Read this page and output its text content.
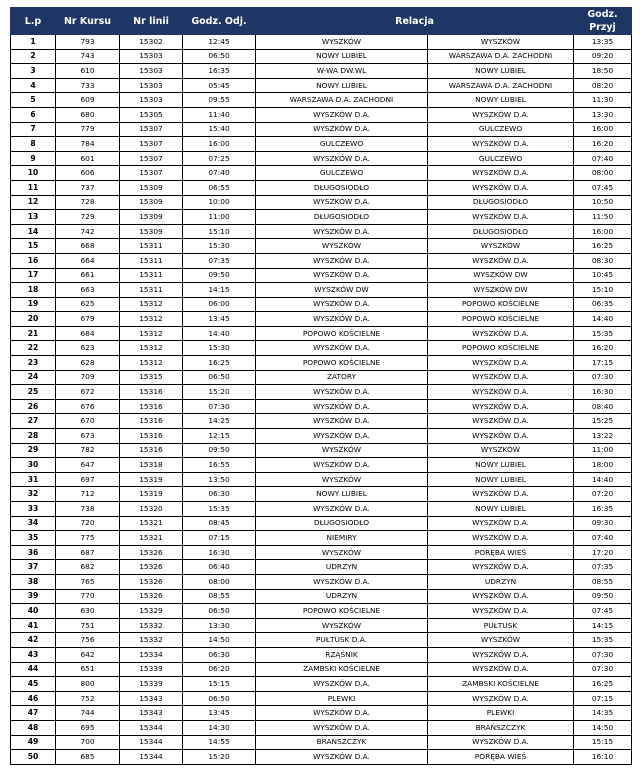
L.p	Nr Kursu	Nr linii	Godz. Odj.	Relacja		Godz. Przyj
1	793	15302	12:45	WYSZKÓW	WYSZKÓW	13:35
2	743	15303	06:50	NOWY LUBIEL	WARSZAWA D.A. ZACHODNI	09:20
3	610	15303	16:35	W-WA DW.WL	NOWY LUBIEL	18:50
4	733	15303	05:45	NOWY LUBIEL	WARSZAWA D.A. ZACHODNI	08:20
5	609	15303	09:55	WARSZAWA D.A. ZACHODNI	NOWY LUBIEL	11:30
6	680	15305	11:40	WYSZKÓW D.A.	WYSZKÓW D.A.	13:30
7	779	15307	15:40	WYSZKÓW D.A.	GULCZEWO	16:00
8	784	15307	16:00	GULCZEWO	WYSZKÓW D.A.	16:20
9	601	15307	07:25	WYSZKÓW D.A.	GULCZEWO	07:40
10	606	15307	07:40	GULCZEWO	WYSZKÓW D.A.	08:00
11	737	15309	06:55	DŁUGOSIODŁO	WYSZKÓW D.A.	07:45
12	728	15309	10:00	WYSZKÓW D.A.	DŁUGOSIODŁO	10:50
13	729	15309	11:00	DŁUGOSIODŁO	WYSZKÓW D.A.	11:50
14	742	15309	15:10	WYSZKÓW D.A.	DŁUGOSIODŁO	16:00
15	668	15311	15:30	WYSZKÓW	WYSZKÓW	16:25
16	664	15311	07:35	WYSZKÓW D.A.	WYSZKÓW D.A.	08:30
17	661	15311	09:50	WYSZKÓW D.A.	WYSZKÓW DW	10:45
18	663	15311	14:15	WYSZKÓW DW	WYSZKÓW DW	15:10
19	625	15312	06:00	WYSZKÓW D.A.	POPOWO KOŚCIELNE	06:35
20	679	15312	13:45	WYSZKÓW D.A.	POPOWO KOŚCIELNE	14:40
21	684	15312	14:40	POPOWO KOŚCIELNE	WYSZKÓW D.A.	15:35
22	623	15312	15:30	WYSZKÓW D.A.	POPOWO KOŚCIELNE	16:20
23	628	15312	16:25	POPOWO KOŚCIELNE	WYSZKÓW D.A.	17:15
24	709	15315	06:50	ZATORY	WYSZKÓW D.A.	07:30
25	672	15316	15:20	WYSZKÓW D.A.	WYSZKÓW D.A.	16:30
26	676	15316	07:30	WYSZKÓW D.A.	WYSZKÓW D.A.	08:40
27	670	15316	14:25	WYSZKÓW D.A.	WYSZKÓW D.A.	15:25
28	673	15316	12:15	WYSZKÓW D.A.	WYSZKÓW D.A.	13:22
29	782	15316	09:50	WYSZKÓW	WYSZKÓW	11:00
30	647	15318	16:55	WYSZKÓW D.A.	NOWY LUBIEL	18:00
31	697	15319	13:50	WYSZKÓW	NOWY LUBIEL	14:40
32	712	15319	06:30	NOWY LUBIEL	WYSZKÓW D.A.	07:20
33	738	15320	15:35	WYSZKÓW D.A.	NOWY LUBIEL	16:35
34	720	15321	08:45	DŁUGOSIODŁO	WYSZKÓW D.A.	09:30
35	775	15321	07:15	NIEMIRY	WYSZKÓW D.A.	07:40
36	687	15326	16:30	WYSZKÓW	PORĘBA WIEŚ	17:20
37	682	15326	06:40	UDRZYN	WYSZKÓW D.A.	07:35
38	765	15326	08:00	WYSZKÓW D.A.	UDRZYN	08:55
39	770	15326	08:55	UDRZYN	WYSZKÓW D.A.	09:50
40	630	15329	06:50	POPOWO KOŚCIELNE	WYSZKÓW D.A.	07:45
41	751	15332	13:30	WYSZKÓW	PUŁTUSK	14:15
42	756	15332	14:50	PUŁTUSK D.A.	WYSZKÓW	15:35
43	642	15334	06:30	RZĄŚNIK	WYSZKÓW D.A.	07:30
44	651	15339	06:20	ZAMBSKI KOŚCIELNE	WYSZKÓW D.A.	07:30
45	800	15339	15:15	WYSZKÓW D.A.	ZAMBSKI KOŚCIELNE	16:25
46	752	15343	06:50	PLEWKI	WYSZKÓW D.A.	07:15
47	744	15343	13:45	WYSZKÓW D.A.	PLEWKI	14:35
48	695	15344	14:30	WYSZKÓW D.A.	BRAŃSZCZYK	14:50
49	700	15344	14:55	BRAŃSZCZYK	WYSZKÓW D.A.	15:15
50	685	15344	15:20	WYSZKÓW D.A.	PORĘBA WIEŚ	16:10
